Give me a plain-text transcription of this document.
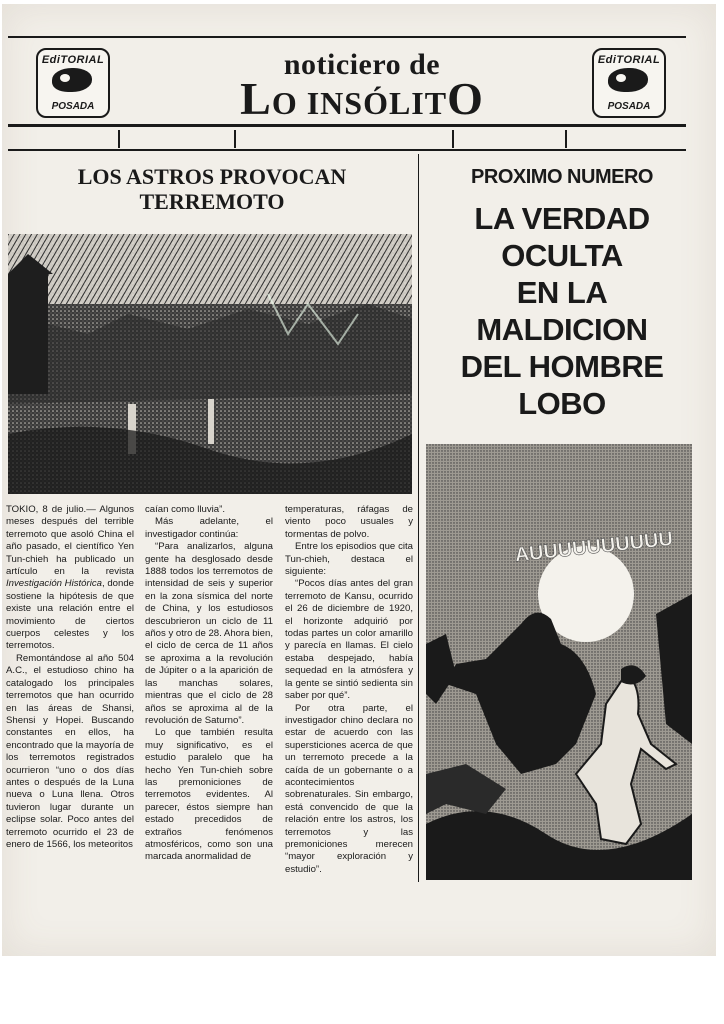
EdiTORIAL
POSADA
EdiTORIAL
POSADA
noticiero de
LO INSÓLITO
LOS ASTROS PROVOCAN
TERREMOTO

TOKIO, 8 de julio.— Algunos meses después del terrible terremoto que asoló China el año pasado, el científico Yen Tun-chieh ha publicado un artículo en la revista Investigación Histórica, donde sostiene la hipótesis de que existe una relación entre el movimiento de ciertos cuerpos celestes y los terremotos.

Remontándose al año 504 A.C., el estudioso chino ha catalogado los principales terremotos que han ocurrido en las áreas de Shansi, Shensi y Hopei. Buscando constantes en ellos, ha encontrado que la mayoría de los terremotos registrados ocurrieron “uno o dos días antes o después de la Luna nueva o Luna llena. Otros tuvieron lugar durante un eclipse solar. Poco antes del terremoto ocurrido el 23 de enero de 1566, los meteoritos

caían como lluvia”.

Más adelante, el investigador continúa:

“Para analizarlos, alguna gente ha desglosado desde 1888 todos los terremotos de intensidad de seis y superior en la zona sísmica del norte de China, y los estudiosos descubrieron un ciclo de 11 años y otro de 28. Ahora bien, el ciclo de cerca de 11 años se aproxima a la revolución de Júpiter o a la aparición de las manchas solares, mientras que el ciclo de 28 años se aproxima al de la revolución de Saturno”.

Lo que también resulta muy significativo, es el estudio paralelo que ha hecho Yen Tun-chieh sobre las premoniciones de terremotos evidentes. Al parecer, éstos siempre han estado precedidos de extraños fenómenos atmosféricos, como son una marcada anormalidad de

temperaturas, ráfagas de viento poco usuales y tormentas de polvo.

Entre los episodios que cita Tun-chieh, destaca el siguiente:

“Pocos días antes del gran terremoto de Kansu, ocurrido el 26 de diciembre de 1920, el horizonte adquirió por todas partes un color amarillo y parecía en llamas. El cielo estaba despejado, había sequedad en la atmósfera y la gente se sintió sedienta sin saber por qué”.

Por otra parte, el investigador chino declara no estar de acuerdo con las supersticiones acerca de que un terremoto precede a la caída de un gobernante o a acontecimientos sobrenaturales. Sin embargo, está convencido de que la relación entre los astros, los terremotos y las premoniciones merecen “mayor exploración y estudio”.

PROXIMO NUMERO
LA VERDAD
OCULTA
EN LA
MALDICION
DEL HOMBRE
LOBO
AUUUUUUUUUU
